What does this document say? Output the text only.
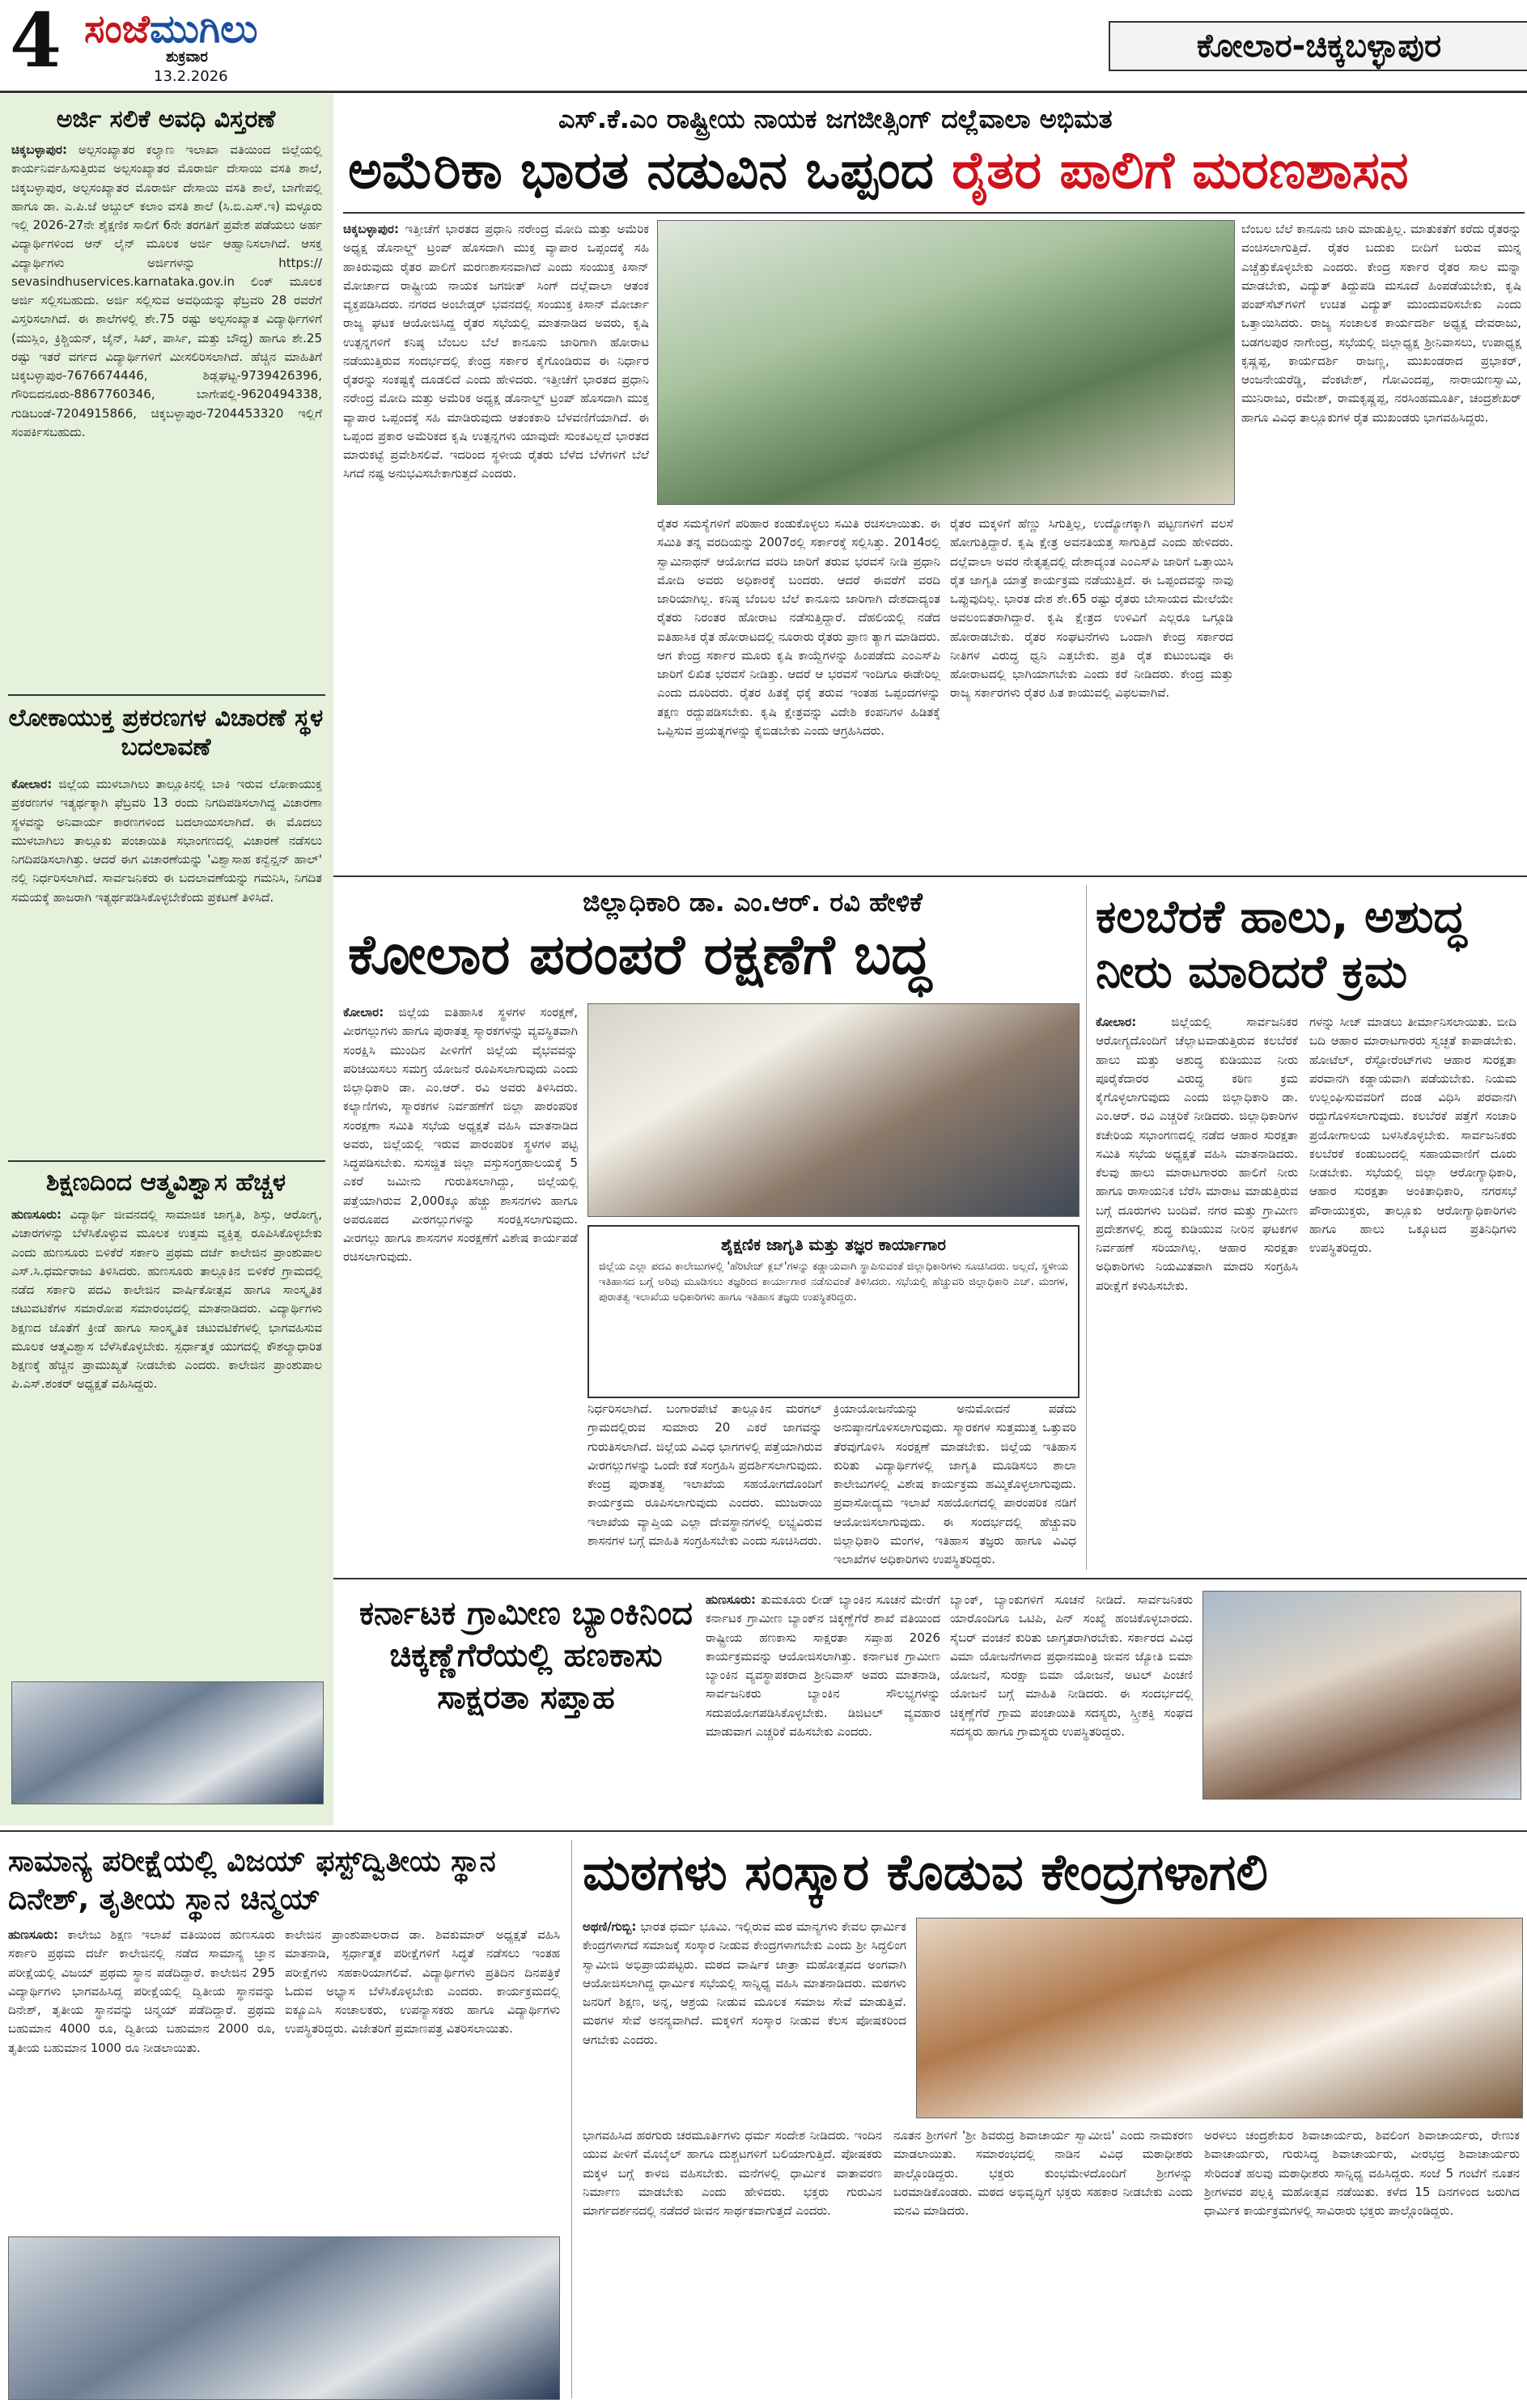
4 ಸಂಜೆಮುಗಿಲು
ಶುಕ್ರವಾರ
13.2.2026
ಕೋಲಾರ-ಚಿಕ್ಕಬಳ್ಳಾಪುರ
ಅರ್ಜಿ ಸಲಿಕೆ ಅವಧಿ ವಿಸ್ತರಣೆ
ಚಿಕ್ಕಬಳ್ಳಾಪುರ: ಅಲ್ಪಸಂಖ್ಯಾತರ ಕಲ್ಯಾಣ ಇಲಾಖಾ ವತಿಯಿಂದ ಜಿಲ್ಲೆಯಲ್ಲಿ ಕಾರ್ಯನಿರ್ವಹಿಸುತ್ತಿರುವ ಅಲ್ಪಸಂಖ್ಯಾತರ ಮೊರಾರ್ಜಿ ದೇಸಾಯಿ ವಸತಿ ಶಾಲೆ, ಚಿಕ್ಕಬಳ್ಳಾಪುರ, ಅಲ್ಪಸಂಖ್ಯಾತರ ಮೊರಾರ್ಜಿ ದೇಸಾಯಿ ವಸತಿ ಶಾಲೆ, ಬಾಗೇಪಲ್ಲಿ ಹಾಗೂ ಡಾ. ಎ.ಪಿ.ಜೆ ಅಬ್ದುಲ್ ಕಲಾಂ ವಸತಿ ಶಾಲೆ (ಸಿ.ಬಿ.ಎಸ್.ಇ) ಮಳ್ಳೂರು ಇಲ್ಲಿ 2026-27ನೇ ಶೈಕ್ಷಣಿಕ ಸಾಲಿಗೆ 6ನೇ ತರಗತಿಗೆ ಪ್ರವೇಶ ಪಡೆಯಲು ಅರ್ಹ ವಿದ್ಯಾರ್ಥಿಗಳಿಂದ ಆನ್ ಲೈನ್ ಮೂಲಕ ಅರ್ಜಿ ಆಹ್ವಾನಿಸಲಾಗಿದೆ. ಆಸಕ್ತ ವಿದ್ಯಾರ್ಥಿಗಳು ಅರ್ಜಿಗಳನ್ನು https:// sevasindhuservices.karnataka.gov.in ಲಿಂಕ್ ಮೂಲಕ ಅರ್ಜಿ ಸಲ್ಲಿಸಬಹುದು. ಅರ್ಜಿ ಸಲ್ಲಿಸುವ ಅವಧಿಯನ್ನು ಫೆಬ್ರವರಿ 28 ರವರೆಗೆ ವಿಸ್ತರಿಸಲಾಗಿದೆ. ಈ ಶಾಲೆಗಳಲ್ಲಿ ಶೇ.75 ರಷ್ಟು ಅಲ್ಪಸಂಖ್ಯಾತ ವಿದ್ಯಾರ್ಥಿಗಳಿಗೆ (ಮುಸ್ಲಿಂ, ಕ್ರಿಶ್ಚಿಯನ್, ಜೈನ್, ಸಿಖ್, ಪಾರ್ಸಿ, ಮತ್ತು ಬೌದ್ಧ) ಹಾಗೂ ಶೇ.25 ರಷ್ಟು ಇತರೆ ವರ್ಗದ ವಿದ್ಯಾರ್ಥಿಗಳಿಗೆ ಮೀಸಲಿರಿಸಲಾಗಿದೆ. ಹೆಚ್ಚಿನ ಮಾಹಿತಿಗೆ ಚಿಕ್ಕಬಳ್ಳಾಪುರ-7676674446, ಶಿಡ್ಲಘಟ್ಟ-9739426396, ಗೌರಿಬಿದನೂರು-8867760346, ಬಾಗೇಪಲ್ಲಿ-9620494338, ಗುಡಿಬಂಡೆ-7204915866, ಚಿಕ್ಕಬಳ್ಳಾಪುರ-7204453320 ಇಲ್ಲಿಗೆ ಸಂಪರ್ಕಿಸಬಹುದು.
ಲೋಕಾಯುಕ್ತ ಪ್ರಕರಣಗಳ ವಿಚಾರಣೆ ಸ್ಥಳ ಬದಲಾವಣೆ
ಕೋಲಾರ: ಜಿಲ್ಲೆಯ ಮುಳಬಾಗಿಲು ತಾಲ್ಲೂಕಿನಲ್ಲಿ ಬಾಕಿ ಇರುವ ಲೋಕಾಯುಕ್ತ ಪ್ರಕರಣಗಳ ಇತ್ಯರ್ಥಕ್ಕಾಗಿ ಫೆಬ್ರವರಿ 13 ರಂದು ನಿಗದಿಪಡಿಸಲಾಗಿದ್ದ ವಿಚಾರಣಾ ಸ್ಥಳವನ್ನು ಅನಿವಾರ್ಯ ಕಾರಣಗಳಿಂದ ಬದಲಾಯಿಸಲಾಗಿದೆ. ಈ ಮೊದಲು ಮುಳಬಾಗಿಲು ತಾಲ್ಲೂಕು ಪಂಚಾಯಿತಿ ಸಭಾಂಗಣದಲ್ಲಿ ವಿಚಾರಣೆ ನಡೆಸಲು ನಿಗದಿಪಡಿಸಲಾಗಿತ್ತು. ಆದರೆ ಈಗ ವಿಚಾರಣೆಯನ್ನು 'ವಿಶ್ವಾಸಾಹ ಕನ್ವೆನ್ಷನ್ ಹಾಲ್' ನಲ್ಲಿ ನಿರ್ಧರಿಸಲಾಗಿದೆ. ಸಾರ್ವಜನಿಕರು ಈ ಬದಲಾವಣೆಯನ್ನು ಗಮನಿಸಿ, ನಿಗದಿತ ಸಮಯಕ್ಕೆ ಹಾಜರಾಗಿ ಇತ್ಯರ್ಥಪಡಿಸಿಕೊಳ್ಳಬೇಕೆಂದು ಪ್ರಕಟಣೆ ತಿಳಿಸಿದೆ.
ಶಿಕ್ಷಣದಿಂದ ಆತ್ಮವಿಶ್ವಾಸ ಹೆಚ್ಚಳ
ಹುಣಸೂರು: ವಿದ್ಯಾರ್ಥಿ ಜೀವನದಲ್ಲಿ ಸಾಮಾಜಿಕ ಜಾಗೃತಿ, ಶಿಸ್ತು, ಆರೋಗ್ಯ, ವಿಚಾರಗಳನ್ನು ಬೆಳೆಸಿಕೊಳ್ಳುವ ಮೂಲಕ ಉತ್ತಮ ವ್ಯಕ್ತಿತ್ವ ರೂಪಿಸಿಕೊಳ್ಳಬೇಕು ಎಂದು ಹುಣಸೂರು ಬಿಳಿಕೆರೆ ಸರ್ಕಾರಿ ಪ್ರಥಮ ದರ್ಜೆ ಕಾಲೇಜಿನ ಪ್ರಾಂಶುಪಾಲ ಎಸ್.ಸಿ.ಧರ್ಮರಾಜು ತಿಳಿಸಿದರು. ಹುಣಸೂರು ತಾಲ್ಲೂಕಿನ ಬಿಳಿಕೆರೆ ಗ್ರಾಮದಲ್ಲಿ ನಡೆದ ಸರ್ಕಾರಿ ಪದವಿ ಕಾಲೇಜಿನ ವಾರ್ಷಿಕೋತ್ಸವ ಹಾಗೂ ಸಾಂಸ್ಕೃತಿಕ ಚಟುವಟಿಕೆಗಳ ಸಮಾರೋಪ ಸಮಾರಂಭದಲ್ಲಿ ಮಾತನಾಡಿದರು. ವಿದ್ಯಾರ್ಥಿಗಳು ಶಿಕ್ಷಣದ ಜೊತೆಗೆ ಕ್ರೀಡೆ ಹಾಗೂ ಸಾಂಸ್ಕೃತಿಕ ಚಟುವಟಿಕೆಗಳಲ್ಲಿ ಭಾಗವಹಿಸುವ ಮೂಲಕ ಆತ್ಮವಿಶ್ವಾಸ ಬೆಳೆಸಿಕೊಳ್ಳಬೇಕು. ಸ್ಪರ್ಧಾತ್ಮಕ ಯುಗದಲ್ಲಿ ಕೌಶಲ್ಯಾಧಾರಿತ ಶಿಕ್ಷಣಕ್ಕೆ ಹೆಚ್ಚಿನ ಪ್ರಾಮುಖ್ಯತೆ ನೀಡಬೇಕು ಎಂದರು. ಕಾಲೇಜಿನ ಪ್ರಾಂಶುಪಾಲ ಪಿ.ಎಸ್.ಶಂಕರ್ ಅಧ್ಯಕ್ಷತೆ ವಹಿಸಿದ್ದರು.
ಎಸ್.ಕೆ.ಎಂ ರಾಷ್ಟ್ರೀಯ ನಾಯಕ ಜಗಜೀತ್ಸಿಂಗ್ ದಲ್ಲೆವಾಲಾ ಅಭಿಮತ
ಅಮೆರಿಕಾ ಭಾರತ ನಡುವಿನ ಒಪ್ಪಂದ ರೈತರ ಪಾಲಿಗೆ ಮರಣಶಾಸನ
ಚಿಕ್ಕಬಳ್ಳಾಪುರ: ಇತ್ತೀಚೆಗೆ ಭಾರತದ ಪ್ರಧಾನಿ ನರೇಂದ್ರ ಮೋದಿ ಮತ್ತು ಅಮೆರಿಕ ಅಧ್ಯಕ್ಷ ಡೊನಾಲ್ಡ್ ಟ್ರಂಪ್ ಹೊಸದಾಗಿ ಮುಕ್ತ ವ್ಯಾಪಾರ ಒಪ್ಪಂದಕ್ಕೆ ಸಹಿ ಹಾಕಿರುವುದು ರೈತರ ಪಾಲಿಗೆ ಮರಣಶಾಸನವಾಗಿದೆ ಎಂದು ಸಂಯುಕ್ತ ಕಿಸಾನ್ ಮೋರ್ಚಾದ ರಾಷ್ಟ್ರೀಯ ನಾಯಕ ಜಗಜೀತ್ ಸಿಂಗ್ ದಲ್ಲೆವಾಲಾ ಆತಂಕ ವ್ಯಕ್ತಪಡಿಸಿದರು. ನಗರದ ಅಂಬೇಡ್ಕರ್ ಭವನದಲ್ಲಿ ಸಂಯುಕ್ತ ಕಿಸಾನ್ ಮೋರ್ಚಾ ರಾಜ್ಯ ಘಟಕ ಆಯೋಜಿಸಿದ್ದ ರೈತರ ಸಭೆಯಲ್ಲಿ ಮಾತನಾಡಿದ ಅವರು, ಕೃಷಿ ಉತ್ಪನ್ನಗಳಿಗೆ ಕನಿಷ್ಠ ಬೆಂಬಲ ಬೆಲೆ ಕಾನೂನು ಜಾರಿಗಾಗಿ ಹೋರಾಟ ನಡೆಯುತ್ತಿರುವ ಸಂದರ್ಭದಲ್ಲಿ ಕೇಂದ್ರ ಸರ್ಕಾರ ಕೈಗೊಂಡಿರುವ ಈ ನಿರ್ಧಾರ ರೈತರನ್ನು ಸಂಕಷ್ಟಕ್ಕೆ ದೂಡಲಿದೆ ಎಂದು ಹೇಳಿದರು. ಇತ್ತೀಚೆಗೆ ಭಾರತದ ಪ್ರಧಾನಿ ನರೇಂದ್ರ ಮೋದಿ ಮತ್ತು ಅಮೆರಿಕ ಅಧ್ಯಕ್ಷ ಡೊನಾಲ್ಡ್ ಟ್ರಂಪ್ ಹೊಸದಾಗಿ ಮುಕ್ತ ವ್ಯಾಪಾರ ಒಪ್ಪಂದಕ್ಕೆ ಸಹಿ ಮಾಡಿರುವುದು ಆತಂಕಕಾರಿ ಬೆಳವಣಿಗೆಯಾಗಿದೆ. ಈ ಒಪ್ಪಂದ ಪ್ರಕಾರ ಅಮೆರಿಕದ ಕೃಷಿ ಉತ್ಪನ್ನಗಳು ಯಾವುದೇ ಸುಂಕವಿಲ್ಲದೆ ಭಾರತದ ಮಾರುಕಟ್ಟೆ ಪ್ರವೇಶಿಸಲಿವೆ. ಇದರಿಂದ ಸ್ಥಳೀಯ ರೈತರು ಬೆಳೆದ ಬೆಳೆಗಳಿಗೆ ಬೆಲೆ ಸಿಗದೆ ನಷ್ಟ ಅನುಭವಿಸಬೇಕಾಗುತ್ತದೆ ಎಂದರು.
ರೈತರ ಸಮಸ್ಯೆಗಳಿಗೆ ಪರಿಹಾರ ಕಂಡುಕೊಳ್ಳಲು ಸಮಿತಿ ರಚಿಸಲಾಯಿತು. ಈ ಸಮಿತಿ ತನ್ನ ವರದಿಯನ್ನು 2007ರಲ್ಲಿ ಸರ್ಕಾರಕ್ಕೆ ಸಲ್ಲಿಸಿತ್ತು. 2014ರಲ್ಲಿ ಸ್ವಾಮಿನಾಥನ್ ಆಯೋಗದ ವರದಿ ಜಾರಿಗೆ ತರುವ ಭರವಸೆ ನೀಡಿ ಪ್ರಧಾನಿ ಮೋದಿ ಅವರು ಅಧಿಕಾರಕ್ಕೆ ಬಂದರು. ಆದರೆ ಈವರೆಗೆ ವರದಿ ಜಾರಿಯಾಗಿಲ್ಲ. ಕನಿಷ್ಠ ಬೆಂಬಲ ಬೆಲೆ ಕಾನೂನು ಜಾರಿಗಾಗಿ ದೇಶದಾದ್ಯಂತ ರೈತರು ನಿರಂತರ ಹೋರಾಟ ನಡೆಸುತ್ತಿದ್ದಾರೆ. ದೆಹಲಿಯಲ್ಲಿ ನಡೆದ ಐತಿಹಾಸಿಕ ರೈತ ಹೋರಾಟದಲ್ಲಿ ನೂರಾರು ರೈತರು ಪ್ರಾಣ ತ್ಯಾಗ ಮಾಡಿದರು. ಆಗ ಕೇಂದ್ರ ಸರ್ಕಾರ ಮೂರು ಕೃಷಿ ಕಾಯ್ದೆಗಳನ್ನು ಹಿಂಪಡೆದು ಎಂಎಸ್‌ಪಿ ಜಾರಿಗೆ ಲಿಖಿತ ಭರವಸೆ ನೀಡಿತ್ತು. ಆದರೆ ಆ ಭರವಸೆ ಇಂದಿಗೂ ಈಡೇರಿಲ್ಲ ಎಂದು ದೂರಿದರು. ರೈತರ ಹಿತಕ್ಕೆ ಧಕ್ಕೆ ತರುವ ಇಂತಹ ಒಪ್ಪಂದಗಳನ್ನು ತಕ್ಷಣ ರದ್ದುಪಡಿಸಬೇಕು. ಕೃಷಿ ಕ್ಷೇತ್ರವನ್ನು ವಿದೇಶಿ ಕಂಪನಿಗಳ ಹಿಡಿತಕ್ಕೆ ಒಪ್ಪಿಸುವ ಪ್ರಯತ್ನಗಳನ್ನು ಕೈಬಿಡಬೇಕು ಎಂದು ಆಗ್ರಹಿಸಿದರು.
ರೈತರ ಮಕ್ಕಳಿಗೆ ಹೆಣ್ಣು ಸಿಗುತ್ತಿಲ್ಲ, ಉದ್ಯೋಗಕ್ಕಾಗಿ ಪಟ್ಟಣಗಳಿಗೆ ವಲಸೆ ಹೋಗುತ್ತಿದ್ದಾರೆ. ಕೃಷಿ ಕ್ಷೇತ್ರ ಅವನತಿಯತ್ತ ಸಾಗುತ್ತಿದೆ ಎಂದು ಹೇಳಿದರು. ದಲ್ಲೆವಾಲಾ ಅವರ ನೇತೃತ್ವದಲ್ಲಿ ದೇಶಾದ್ಯಂತ ಎಂಎಸ್‌ಪಿ ಜಾರಿಗೆ ಒತ್ತಾಯಿಸಿ ರೈತ ಜಾಗೃತಿ ಯಾತ್ರೆ ಕಾರ್ಯಕ್ರಮ ನಡೆಯುತ್ತಿದೆ. ಈ ಒಪ್ಪಂದವನ್ನು ನಾವು ಒಪ್ಪುವುದಿಲ್ಲ. ಭಾರತ ದೇಶ ಶೇ.65 ರಷ್ಟು ರೈತರು ಬೇಸಾಯದ ಮೇಲೆಯೇ ಅವಲಂಬಿತರಾಗಿದ್ದಾರೆ. ಕೃಷಿ ಕ್ಷೇತ್ರದ ಉಳಿವಿಗೆ ಎಲ್ಲರೂ ಒಗ್ಗೂಡಿ ಹೋರಾಡಬೇಕು. ರೈತರ ಸಂಘಟನೆಗಳು ಒಂದಾಗಿ ಕೇಂದ್ರ ಸರ್ಕಾರದ ನೀತಿಗಳ ವಿರುದ್ಧ ಧ್ವನಿ ಎತ್ತಬೇಕು. ಪ್ರತಿ ರೈತ ಕುಟುಂಬವೂ ಈ ಹೋರಾಟದಲ್ಲಿ ಭಾಗಿಯಾಗಬೇಕು ಎಂದು ಕರೆ ನೀಡಿದರು. ಕೇಂದ್ರ ಮತ್ತು ರಾಜ್ಯ ಸರ್ಕಾರಗಳು ರೈತರ ಹಿತ ಕಾಯುವಲ್ಲಿ ವಿಫಲವಾಗಿವೆ.
ಬೆಂಬಲ ಬೆಲೆ ಕಾನೂನು ಜಾರಿ ಮಾಡುತ್ತಿಲ್ಲ. ಮಾತುಕತೆಗೆ ಕರೆದು ರೈತರನ್ನು ವಂಚಿಸಲಾಗುತ್ತಿದೆ. ರೈತರ ಬದುಕು ಬೀದಿಗೆ ಬರುವ ಮುನ್ನ ಎಚ್ಚೆತ್ತುಕೊಳ್ಳಬೇಕು ಎಂದರು. ಕೇಂದ್ರ ಸರ್ಕಾರ ರೈತರ ಸಾಲ ಮನ್ನಾ ಮಾಡಬೇಕು, ವಿದ್ಯುತ್ ತಿದ್ದುಪಡಿ ಮಸೂದೆ ಹಿಂಪಡೆಯಬೇಕು, ಕೃಷಿ ಪಂಪ್‌ಸೆಟ್‌ಗಳಿಗೆ ಉಚಿತ ವಿದ್ಯುತ್ ಮುಂದುವರಿಸಬೇಕು ಎಂದು ಒತ್ತಾಯಿಸಿದರು. ರಾಜ್ಯ ಸಂಚಾಲಕ ಕಾರ್ಯದರ್ಶಿ ಅಧ್ಯಕ್ಷ ದೇವರಾಜು, ಬಡಗಲಪುರ ನಾಗೇಂದ್ರ, ಸಭೆಯಲ್ಲಿ ಜಿಲ್ಲಾಧ್ಯಕ್ಷ ಶ್ರೀನಿವಾಸಲು, ಉಪಾಧ್ಯಕ್ಷ ಕೃಷ್ಣಪ್ಪ, ಕಾರ್ಯದರ್ಶಿ ರಾಜಣ್ಣ, ಮುಖಂಡರಾದ ಪ್ರಭಾಕರ್, ಆಂಜನೇಯರೆಡ್ಡಿ, ವೆಂಕಟೇಶ್, ಗೋವಿಂದಪ್ಪ, ನಾರಾಯಣಸ್ವಾಮಿ, ಮುನಿರಾಜು, ರಮೇಶ್, ರಾಮಕೃಷ್ಣಪ್ಪ, ನರಸಿಂಹಮೂರ್ತಿ, ಚಂದ್ರಶೇಖರ್ ಹಾಗೂ ವಿವಿಧ ತಾಲ್ಲೂಕುಗಳ ರೈತ ಮುಖಂಡರು ಭಾಗವಹಿಸಿದ್ದರು.
ಜಿಲ್ಲಾಧಿಕಾರಿ ಡಾ. ಎಂ.ಆರ್. ರವಿ ಹೇಳಿಕೆ
ಕೋಲಾರ ಪರಂಪರೆ ರಕ್ಷಣೆಗೆ ಬದ್ಧ
ಕೋಲಾರ: ಜಿಲ್ಲೆಯ ಐತಿಹಾಸಿಕ ಸ್ಥಳಗಳ ಸಂರಕ್ಷಣೆ, ವೀರಗಲ್ಲುಗಳು ಹಾಗೂ ಪುರಾತತ್ವ ಸ್ಮಾರಕಗಳನ್ನು ವ್ಯವಸ್ಥಿತವಾಗಿ ಸಂರಕ್ಷಿಸಿ ಮುಂದಿನ ಪೀಳಿಗೆಗೆ ಜಿಲ್ಲೆಯ ವೈಭವವನ್ನು ಪರಿಚಯಿಸಲು ಸಮಗ್ರ ಯೋಜನೆ ರೂಪಿಸಲಾಗುವುದು ಎಂದು ಜಿಲ್ಲಾಧಿಕಾರಿ ಡಾ. ಎಂ.ಆರ್. ರವಿ ಅವರು ತಿಳಿಸಿದರು. ಕಲ್ಯಾಣಿಗಳು, ಸ್ಮಾರಕಗಳ ನಿರ್ವಹಣೆಗೆ ಜಿಲ್ಲಾ ಪಾರಂಪರಿಕ ಸಂರಕ್ಷಣಾ ಸಮಿತಿ ಸಭೆಯ ಅಧ್ಯಕ್ಷತೆ ವಹಿಸಿ ಮಾತನಾಡಿದ ಅವರು, ಜಿಲ್ಲೆಯಲ್ಲಿ ಇರುವ ಪಾರಂಪರಿಕ ಸ್ಥಳಗಳ ಪಟ್ಟಿ ಸಿದ್ಧಪಡಿಸಬೇಕು. ಸುಸಜ್ಜಿತ ಜಿಲ್ಲಾ ವಸ್ತುಸಂಗ್ರಹಾಲಯಕ್ಕೆ 5 ಎಕರೆ ಜಮೀನು ಗುರುತಿಸಲಾಗಿದ್ದು, ಜಿಲ್ಲೆಯಲ್ಲಿ ಪತ್ತೆಯಾಗಿರುವ 2,000ಕ್ಕೂ ಹೆಚ್ಚು ಶಾಸನಗಳು ಹಾಗೂ ಅಪರೂಪದ ವೀರಗಲ್ಲುಗಳನ್ನು ಸಂರಕ್ಷಿಸಲಾಗುವುದು. ವೀರಗಲ್ಲು ಹಾಗೂ ಶಾಸನಗಳ ಸಂರಕ್ಷಣೆಗೆ ವಿಶೇಷ ಕಾರ್ಯಪಡೆ ರಚಿಸಲಾಗುವುದು.
ಶೈಕ್ಷಣಿಕ ಜಾಗೃತಿ ಮತ್ತು ತಜ್ಞರ ಕಾರ್ಯಾಗಾರ
ಜಿಲ್ಲೆಯ ಎಲ್ಲಾ ಪದವಿ ಕಾಲೇಜುಗಳಲ್ಲಿ 'ಹೆರಿಟೇಜ್ ಕ್ಲಬ್'ಗಳನ್ನು ಕಡ್ಡಾಯವಾಗಿ ಸ್ಥಾಪಿಸುವಂತೆ ಜಿಲ್ಲಾಧಿಕಾರಿಗಳು ಸೂಚಿಸಿದರು. ಅಲ್ಲದೆ, ಸ್ಥಳೀಯ ಇತಿಹಾಸದ ಬಗ್ಗೆ ಅರಿವು ಮೂಡಿಸಲು ತಜ್ಞರಿಂದ ಕಾರ್ಯಾಗಾರ ನಡೆಸುವಂತೆ ತಿಳಿಸಿದರು. ಸಭೆಯಲ್ಲಿ ಹೆಚ್ಚುವರಿ ಜಿಲ್ಲಾಧಿಕಾರಿ ಎಚ್. ಮಂಗಳ, ಪುರಾತತ್ವ ಇಲಾಖೆಯ ಅಧಿಕಾರಿಗಳು ಹಾಗೂ ಇತಿಹಾಸ ತಜ್ಞರು ಉಪಸ್ಥಿತರಿದ್ದರು.
ನಿರ್ಧರಿಸಲಾಗಿದೆ. ಬಂಗಾರಪೇಟೆ ತಾಲ್ಲೂಕಿನ ಮರಗಲ್ ಗ್ರಾಮದಲ್ಲಿರುವ ಸುಮಾರು 20 ಎಕರೆ ಜಾಗವನ್ನು ಗುರುತಿಸಲಾಗಿದೆ. ಜಿಲ್ಲೆಯ ವಿವಿಧ ಭಾಗಗಳಲ್ಲಿ ಪತ್ತೆಯಾಗಿರುವ ವೀರಗಲ್ಲುಗಳನ್ನು ಒಂದೇ ಕಡೆ ಸಂಗ್ರಹಿಸಿ ಪ್ರದರ್ಶಿಸಲಾಗುವುದು. ಕೇಂದ್ರ ಪುರಾತತ್ವ ಇಲಾಖೆಯ ಸಹಯೋಗದೊಂದಿಗೆ ಕಾರ್ಯಕ್ರಮ ರೂಪಿಸಲಾಗುವುದು ಎಂದರು. ಮುಜರಾಯಿ ಇಲಾಖೆಯ ವ್ಯಾಪ್ತಿಯ ಎಲ್ಲಾ ದೇವಸ್ಥಾನಗಳಲ್ಲಿ ಲಭ್ಯವಿರುವ ಶಾಸನಗಳ ಬಗ್ಗೆ ಮಾಹಿತಿ ಸಂಗ್ರಹಿಸಬೇಕು ಎಂದು ಸೂಚಿಸಿದರು.
ಕ್ರಿಯಾಯೋಜನೆಯನ್ನು ಅನುಮೋದನೆ ಪಡೆದು ಅನುಷ್ಠಾನಗೊಳಿಸಲಾಗುವುದು. ಸ್ಮಾರಕಗಳ ಸುತ್ತಮುತ್ತ ಒತ್ತುವರಿ ತೆರವುಗೊಳಿಸಿ ಸಂರಕ್ಷಣೆ ಮಾಡಬೇಕು. ಜಿಲ್ಲೆಯ ಇತಿಹಾಸ ಕುರಿತು ವಿದ್ಯಾರ್ಥಿಗಳಲ್ಲಿ ಜಾಗೃತಿ ಮೂಡಿಸಲು ಶಾಲಾ ಕಾಲೇಜುಗಳಲ್ಲಿ ವಿಶೇಷ ಕಾರ್ಯಕ್ರಮ ಹಮ್ಮಿಕೊಳ್ಳಲಾಗುವುದು. ಪ್ರವಾಸೋದ್ಯಮ ಇಲಾಖೆ ಸಹಯೋಗದಲ್ಲಿ ಪಾರಂಪರಿಕ ನಡಿಗೆ ಆಯೋಜಿಸಲಾಗುವುದು. ಈ ಸಂದರ್ಭದಲ್ಲಿ ಹೆಚ್ಚುವರಿ ಜಿಲ್ಲಾಧಿಕಾರಿ ಮಂಗಳ, ಇತಿಹಾಸ ತಜ್ಞರು ಹಾಗೂ ವಿವಿಧ ಇಲಾಖೆಗಳ ಅಧಿಕಾರಿಗಳು ಉಪಸ್ಥಿತರಿದ್ದರು.
ಕಲಬೆರಕೆ ಹಾಲು, ಅಶುದ್ಧ ನೀರು ಮಾರಿದರೆ ಕ್ರಮ
ಕೋಲಾರ:	ಜಿಲ್ಲೆಯಲ್ಲಿ ಸಾರ್ವಜನಿಕರ ಆರೋಗ್ಯದೊಂದಿಗೆ ಚೆಲ್ಲಾಟವಾಡುತ್ತಿರುವ ಕಲಬೆರಕೆ ಹಾಲು ಮತ್ತು ಅಶುದ್ಧ ಕುಡಿಯುವ ನೀರು ಪೂರೈಕೆದಾರರ ವಿರುದ್ಧ ಕಠಿಣ ಕ್ರಮ ಕೈಗೊಳ್ಳಲಾಗುವುದು ಎಂದು ಜಿಲ್ಲಾಧಿಕಾರಿ ಡಾ. ಎಂ.ಆರ್. ರವಿ ಎಚ್ಚರಿಕೆ ನೀಡಿದರು. ಜಿಲ್ಲಾಧಿಕಾರಿಗಳ ಕಚೇರಿಯ ಸಭಾಂಗಣದಲ್ಲಿ ನಡೆದ ಆಹಾರ ಸುರಕ್ಷತಾ ಸಮಿತಿ ಸಭೆಯ ಅಧ್ಯಕ್ಷತೆ ವಹಿಸಿ ಮಾತನಾಡಿದರು. ಕೆಲವು ಹಾಲು ಮಾರಾಟಗಾರರು ಹಾಲಿಗೆ ನೀರು ಹಾಗೂ ರಾಸಾಯನಿಕ ಬೆರೆಸಿ ಮಾರಾಟ ಮಾಡುತ್ತಿರುವ ಬಗ್ಗೆ ದೂರುಗಳು ಬಂದಿವೆ. ನಗರ ಮತ್ತು ಗ್ರಾಮೀಣ ಪ್ರದೇಶಗಳಲ್ಲಿ ಶುದ್ಧ ಕುಡಿಯುವ ನೀರಿನ ಘಟಕಗಳ ನಿರ್ವಹಣೆ ಸರಿಯಾಗಿಲ್ಲ. ಆಹಾರ ಸುರಕ್ಷತಾ ಅಧಿಕಾರಿಗಳು ನಿಯಮಿತವಾಗಿ ಮಾದರಿ ಸಂಗ್ರಹಿಸಿ ಪರೀಕ್ಷೆಗೆ ಕಳುಹಿಸಬೇಕು.
ಗಳನ್ನು ಸೀಜ್ ಮಾಡಲು ತೀರ್ಮಾನಿಸಲಾಯಿತು. ಬೀದಿ ಬದಿ ಆಹಾರ ಮಾರಾಟಗಾರರು ಸ್ವಚ್ಛತೆ ಕಾಪಾಡಬೇಕು. ಹೋಟೆಲ್, ರೆಸ್ಟೋರೆಂಟ್‌ಗಳು ಆಹಾರ ಸುರಕ್ಷತಾ ಪರವಾನಗಿ ಕಡ್ಡಾಯವಾಗಿ ಪಡೆಯಬೇಕು. ನಿಯಮ ಉಲ್ಲಂಘಿಸುವವರಿಗೆ ದಂಡ ವಿಧಿಸಿ ಪರವಾನಗಿ ರದ್ದುಗೊಳಿಸಲಾಗುವುದು. ಕಲಬೆರಕೆ ಪತ್ತೆಗೆ ಸಂಚಾರಿ ಪ್ರಯೋಗಾಲಯ ಬಳಸಿಕೊಳ್ಳಬೇಕು. ಸಾರ್ವಜನಿಕರು ಕಲಬೆರಕೆ ಕಂಡುಬಂದಲ್ಲಿ ಸಹಾಯವಾಣಿಗೆ ದೂರು ನೀಡಬೇಕು. ಸಭೆಯಲ್ಲಿ ಜಿಲ್ಲಾ ಆರೋಗ್ಯಾಧಿಕಾರಿ, ಆಹಾರ ಸುರಕ್ಷತಾ ಅಂಕಿತಾಧಿಕಾರಿ, ನಗರಸಭೆ ಪೌರಾಯುಕ್ತರು, ತಾಲ್ಲೂಕು ಆರೋಗ್ಯಾಧಿಕಾರಿಗಳು ಹಾಗೂ ಹಾಲು ಒಕ್ಕೂಟದ ಪ್ರತಿನಿಧಿಗಳು ಉಪಸ್ಥಿತರಿದ್ದರು.
ಕರ್ನಾಟಕ ಗ್ರಾಮೀಣ ಬ್ಯಾಂಕಿನಿಂದ ಚಿಕ್ಕಣ್ಣೆಗೆರೆಯಲ್ಲಿ ಹಣಕಾಸು ಸಾಕ್ಷರತಾ ಸಪ್ತಾಹ
ಹುಣಸೂರು: ತುಮಕೂರು ಲೀಡ್ ಬ್ಯಾಂಕಿನ ಸೂಚನೆ ಮೇರೆಗೆ ಕರ್ನಾಟಕ ಗ್ರಾಮೀಣ ಬ್ಯಾಂಕ್‌ನ ಚಿಕ್ಕಣ್ಣೆಗೆರೆ ಶಾಖೆ ವತಿಯಿಂದ ರಾಷ್ಟ್ರೀಯ ಹಣಕಾಸು ಸಾಕ್ಷರತಾ ಸಪ್ತಾಹ 2026 ಕಾರ್ಯಕ್ರಮವನ್ನು ಆಯೋಜಿಸಲಾಗಿತ್ತು. ಕರ್ನಾಟಕ ಗ್ರಾಮೀಣ ಬ್ಯಾಂಕಿನ ವ್ಯವಸ್ಥಾಪಕರಾದ ಶ್ರೀನಿವಾಸ್ ಅವರು ಮಾತನಾಡಿ, ಸಾರ್ವಜನಿಕರು ಬ್ಯಾಂಕಿನ ಸೌಲಭ್ಯಗಳನ್ನು ಸದುಪಯೋಗಪಡಿಸಿಕೊಳ್ಳಬೇಕು. ಡಿಜಿಟಲ್ ವ್ಯವಹಾರ ಮಾಡುವಾಗ ಎಚ್ಚರಿಕೆ ವಹಿಸಬೇಕು ಎಂದರು.
ಬ್ಯಾಂಕ್, ಬ್ಯಾಂಕುಗಳಿಗೆ ಸೂಚನೆ ನೀಡಿದೆ. ಸಾರ್ವಜನಿಕರು ಯಾರೊಂದಿಗೂ ಒಟಿಪಿ, ಪಿನ್ ಸಂಖ್ಯೆ ಹಂಚಿಕೊಳ್ಳಬಾರದು. ಸೈಬರ್ ವಂಚನೆ ಕುರಿತು ಜಾಗೃತರಾಗಿರಬೇಕು. ಸರ್ಕಾರದ ವಿವಿಧ ವಿಮಾ ಯೋಜನೆಗಳಾದ ಪ್ರಧಾನಮಂತ್ರಿ ಜೀವನ ಜ್ಯೋತಿ ಬಿಮಾ ಯೋಜನೆ, ಸುರಕ್ಷಾ ಬಿಮಾ ಯೋಜನೆ, ಅಟಲ್ ಪಿಂಚಣಿ ಯೋಜನೆ ಬಗ್ಗೆ ಮಾಹಿತಿ ನೀಡಿದರು. ಈ ಸಂದರ್ಭದಲ್ಲಿ ಚಿಕ್ಕಣ್ಣೆಗೆರೆ ಗ್ರಾಮ ಪಂಚಾಯಿತಿ ಸದಸ್ಯರು, ಸ್ತ್ರೀಶಕ್ತಿ ಸಂಘದ ಸದಸ್ಯರು ಹಾಗೂ ಗ್ರಾಮಸ್ಥರು ಉಪಸ್ಥಿತರಿದ್ದರು.
ಸಾಮಾನ್ಯ ಪರೀಕ್ಷೆಯಲ್ಲಿ ವಿಜಯ್ ಫಸ್ಟ್‌ದ್ವಿತೀಯ ಸ್ಥಾನ ದಿನೇಶ್, ತೃತೀಯ ಸ್ಥಾನ ಚಿನ್ಮಯ್
ಹುಣಸೂರು: ಕಾಲೇಜು ಶಿಕ್ಷಣ ಇಲಾಖೆ ವತಿಯಿಂದ ಹುಣಸೂರು ಸರ್ಕಾರಿ ಪ್ರಥಮ ದರ್ಜೆ ಕಾಲೇಜಿನಲ್ಲಿ ನಡೆದ ಸಾಮಾನ್ಯ ಜ್ಞಾನ ಪರೀಕ್ಷೆಯಲ್ಲಿ ವಿಜಯ್ ಪ್ರಥಮ ಸ್ಥಾನ ಪಡೆದಿದ್ದಾರೆ. ಕಾಲೇಜಿನ 295 ವಿದ್ಯಾರ್ಥಿಗಳು ಭಾಗವಹಿಸಿದ್ದ ಪರೀಕ್ಷೆಯಲ್ಲಿ ದ್ವಿತೀಯ ಸ್ಥಾನವನ್ನು ದಿನೇಶ್, ತೃತೀಯ ಸ್ಥಾನವನ್ನು ಚಿನ್ಮಯ್ ಪಡೆದಿದ್ದಾರೆ. ಪ್ರಥಮ ಬಹುಮಾನ 4000 ರೂ, ದ್ವಿತೀಯ ಬಹುಮಾನ 2000 ರೂ, ತೃತೀಯ ಬಹುಮಾನ 1000 ರೂ ನೀಡಲಾಯಿತು.
ಕಾಲೇಜಿನ ಪ್ರಾಂಶುಪಾಲರಾದ ಡಾ. ಶಿವಕುಮಾರ್ ಅಧ್ಯಕ್ಷತೆ ವಹಿಸಿ ಮಾತನಾಡಿ, ಸ್ಪರ್ಧಾತ್ಮಕ ಪರೀಕ್ಷೆಗಳಿಗೆ ಸಿದ್ಧತೆ ನಡೆಸಲು ಇಂತಹ ಪರೀಕ್ಷೆಗಳು ಸಹಕಾರಿಯಾಗಲಿವೆ. ವಿದ್ಯಾರ್ಥಿಗಳು ಪ್ರತಿದಿನ ದಿನಪತ್ರಿಕೆ ಓದುವ ಅಭ್ಯಾಸ ಬೆಳೆಸಿಕೊಳ್ಳಬೇಕು ಎಂದರು. ಕಾರ್ಯಕ್ರಮದಲ್ಲಿ ಐಕ್ಯೂಎಸಿ ಸಂಚಾಲಕರು, ಉಪನ್ಯಾಸಕರು ಹಾಗೂ ವಿದ್ಯಾರ್ಥಿಗಳು ಉಪಸ್ಥಿತರಿದ್ದರು. ವಿಜೇತರಿಗೆ ಪ್ರಮಾಣಪತ್ರ ವಿತರಿಸಲಾಯಿತು.
ಮಠಗಳು ಸಂಸ್ಕಾರ ಕೊಡುವ ಕೇಂದ್ರಗಳಾಗಲಿ
ಅಥಣಿ/ಗುಬ್ಬಿ: ಭಾರತ ಧರ್ಮ ಭೂಮಿ. ಇಲ್ಲಿರುವ ಮಠ ಮಾನ್ಯಗಳು ಕೇವಲ ಧಾರ್ಮಿಕ ಕೇಂದ್ರಗಳಾಗದೆ ಸಮಾಜಕ್ಕೆ ಸಂಸ್ಕಾರ ನೀಡುವ ಕೇಂದ್ರಗಳಾಗಬೇಕು ಎಂದು ಶ್ರೀ ಸಿದ್ಧಲಿಂಗ ಸ್ವಾಮೀಜಿ ಅಭಿಪ್ರಾಯಪಟ್ಟರು. ಮಠದ ವಾರ್ಷಿಕ ಜಾತ್ರಾ ಮಹೋತ್ಸವದ ಅಂಗವಾಗಿ ಆಯೋಜಿಸಲಾಗಿದ್ದ ಧಾರ್ಮಿಕ ಸಭೆಯಲ್ಲಿ ಸಾನ್ನಿಧ್ಯ ವಹಿಸಿ ಮಾತನಾಡಿದರು. ಮಠಗಳು ಜನರಿಗೆ ಶಿಕ್ಷಣ, ಅನ್ನ, ಆಶ್ರಯ ನೀಡುವ ಮೂಲಕ ಸಮಾಜ ಸೇವೆ ಮಾಡುತ್ತಿವೆ. ಮಠಗಳ ಸೇವೆ ಅನನ್ಯವಾಗಿದೆ. ಮಕ್ಕಳಿಗೆ ಸಂಸ್ಕಾರ ನೀಡುವ ಕೆಲಸ ಪೋಷಕರಿಂದ ಆಗಬೇಕು ಎಂದರು.
ಭಾಗವಹಿಸಿದ ಹರಗುರು ಚರಮೂರ್ತಿಗಳು ಧರ್ಮ ಸಂದೇಶ ನೀಡಿದರು. ಇಂದಿನ ಯುವ ಪೀಳಿಗೆ ಮೊಬೈಲ್ ಹಾಗೂ ದುಶ್ಚಟಗಳಿಗೆ ಬಲಿಯಾಗುತ್ತಿದೆ. ಪೋಷಕರು ಮಕ್ಕಳ ಬಗ್ಗೆ ಕಾಳಜಿ ವಹಿಸಬೇಕು. ಮನೆಗಳಲ್ಲಿ ಧಾರ್ಮಿಕ ವಾತಾವರಣ ನಿರ್ಮಾಣ ಮಾಡಬೇಕು ಎಂದು ಹೇಳಿದರು. ಭಕ್ತರು ಗುರುವಿನ ಮಾರ್ಗದರ್ಶನದಲ್ಲಿ ನಡೆದರೆ ಜೀವನ ಸಾರ್ಥಕವಾಗುತ್ತದೆ ಎಂದರು.
ನೂತನ ಶ್ರೀಗಳಿಗೆ 'ಶ್ರೀ ಶಿವರುದ್ರ ಶಿವಾಚಾರ್ಯ ಸ್ವಾಮೀಜಿ' ಎಂದು ನಾಮಕರಣ ಮಾಡಲಾಯಿತು. ಸಮಾರಂಭದಲ್ಲಿ ನಾಡಿನ ವಿವಿಧ ಮಠಾಧೀಶರು ಪಾಲ್ಗೊಂಡಿದ್ದರು. ಭಕ್ತರು ಕುಂಭಮೇಳದೊಂದಿಗೆ ಶ್ರೀಗಳನ್ನು ಬರಮಾಡಿಕೊಂಡರು. ಮಠದ ಅಭಿವೃದ್ಧಿಗೆ ಭಕ್ತರು ಸಹಕಾರ ನೀಡಬೇಕು ಎಂದು ಮನವಿ ಮಾಡಿದರು.
ಅರಳಲು ಚಂದ್ರಶೇಖರ ಶಿವಾಚಾರ್ಯರು, ಶಿವಲಿಂಗ ಶಿವಾಚಾರ್ಯರು, ರೇಣುಕ ಶಿವಾಚಾರ್ಯರು, ಗುರುಸಿದ್ಧ ಶಿವಾಚಾರ್ಯರು, ವೀರಭದ್ರ ಶಿವಾಚಾರ್ಯರು ಸೇರಿದಂತೆ ಹಲವು ಮಠಾಧೀಶರು ಸಾನ್ನಿಧ್ಯ ವಹಿಸಿದ್ದರು. ಸಂಜೆ 5 ಗಂಟೆಗೆ ನೂತನ ಶ್ರೀಗಳವರ ಪಲ್ಲಕ್ಕಿ ಮಹೋತ್ಸವ ನಡೆಯಿತು. ಕಳೆದ 15 ದಿನಗಳಿಂದ ಜರುಗಿದ ಧಾರ್ಮಿಕ ಕಾರ್ಯಕ್ರಮಗಳಲ್ಲಿ ಸಾವಿರಾರು ಭಕ್ತರು ಪಾಲ್ಗೊಂಡಿದ್ದರು.
